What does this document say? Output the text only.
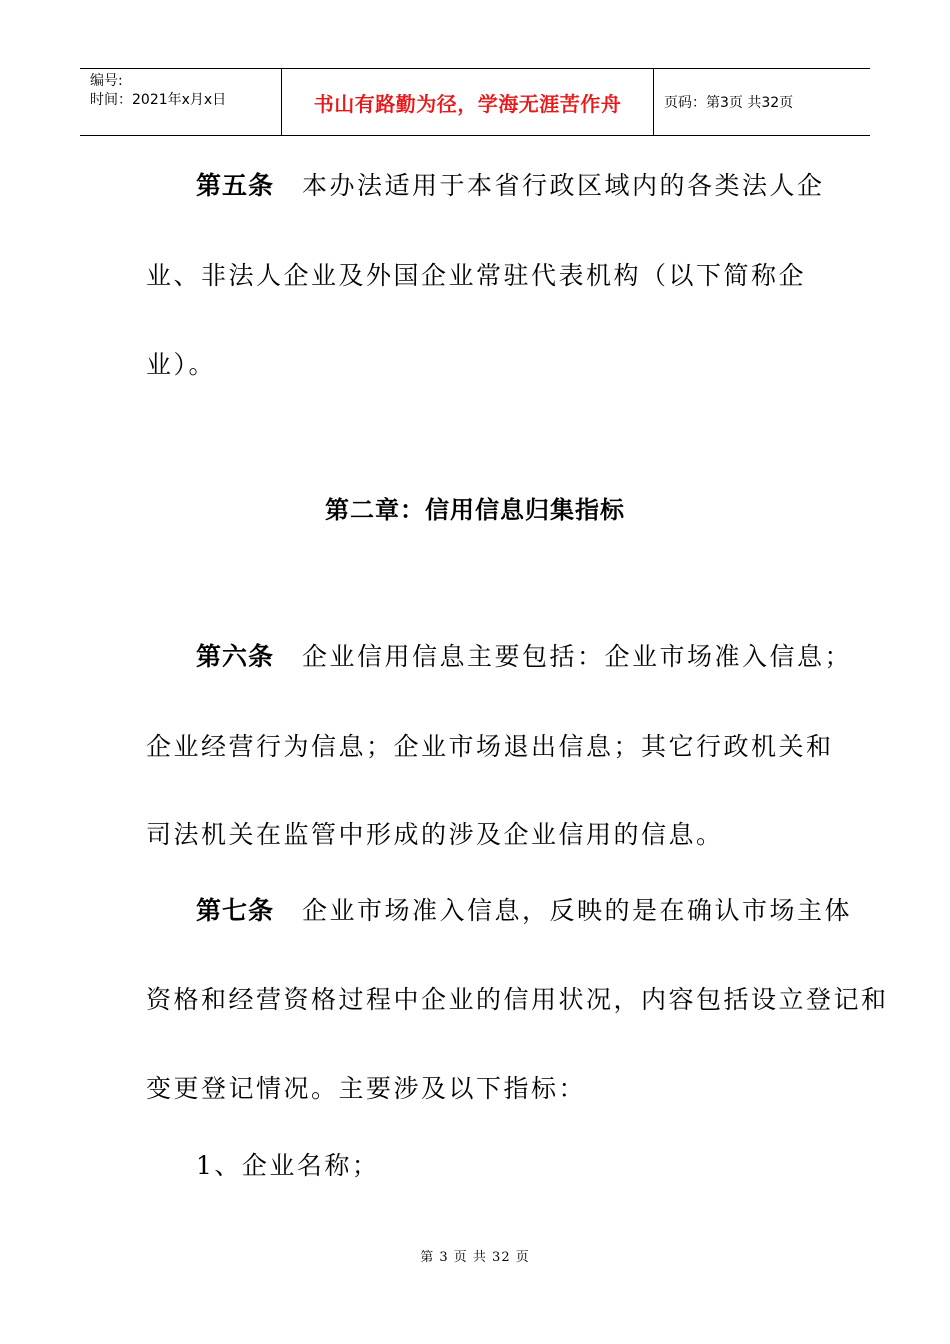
编号:
时间：2021年x月x日	书山有路勤为径，学海无涯苦作舟	页码：第3页 共32页
第五条 本办法适用于本省行政区域内的各类法人企
业、非法人企业及外国企业常驻代表机构（以下简称企
业）。
第二章：信用信息归集指标
第六条 企业信用信息主要包括：企业市场准入信息；
企业经营行为信息；企业市场退出信息；其它行政机关和
司法机关在监管中形成的涉及企业信用的信息。
第七条 企业市场准入信息，反映的是在确认市场主体
资格和经营资格过程中企业的信用状况，内容包括设立登记和
变更登记情况。主要涉及以下指标：
1、企业名称；
第 3 页 共 32 页
